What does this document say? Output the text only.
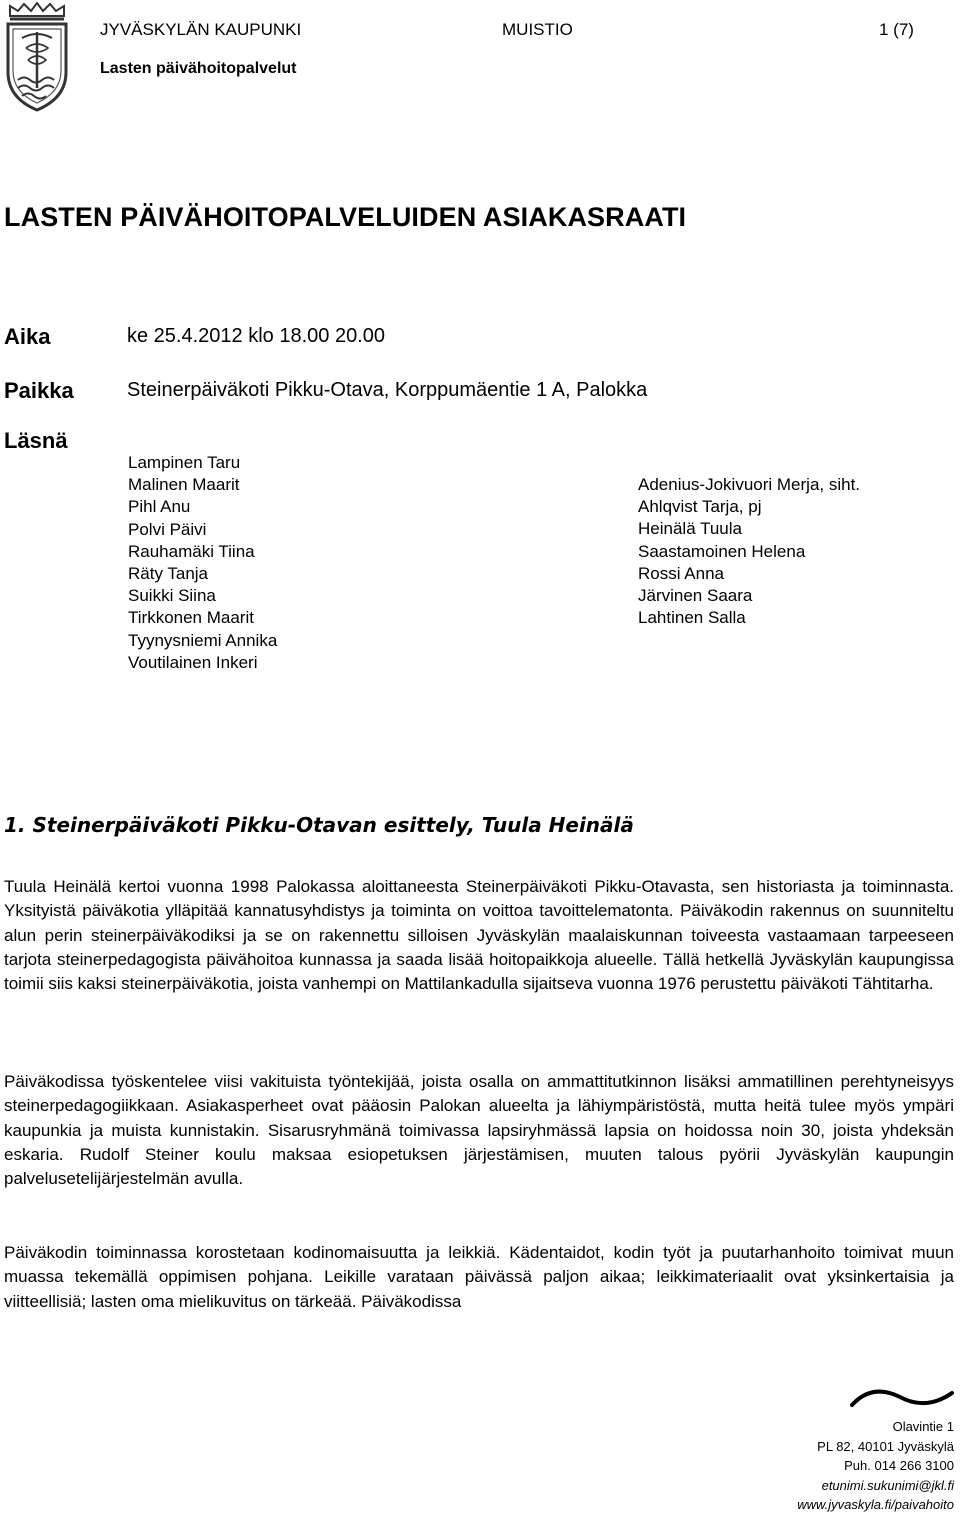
JYVÄSKYLÄN KAUPUNKI	MUISTIO	1 (7)
Lasten päivähoitopalvelut
LASTEN PÄIVÄHOITOPALVELUIDEN ASIAKASRAATI
Aika	ke 25.4.2012 klo 18.00 20.00
Paikka	Steinerpäiväkoti Pikku-Otava, Korppumäentie 1 A, Palokka
Läsnä
Lampinen Taru
Malinen Maarit
Pihl Anu
Polvi Päivi
Rauhamäki Tiina
Räty Tanja
Suikki Siina
Tirkkonen Maarit
Tyynysniemi Annika
Voutilainen Inkeri
Adenius-Jokivuori Merja, siht.
Ahlqvist Tarja, pj
Heinälä Tuula
Saastamoinen Helena
Rossi Anna
Järvinen Saara
Lahtinen Salla
1. Steinerpäiväkoti Pikku-Otavan esittely, Tuula Heinälä

Tuula Heinälä kertoi vuonna 1998 Palokassa aloittaneesta Steinerpäiväkoti Pikku-Otavasta, sen historiasta ja toiminnasta. Yksityistä päiväkotia ylläpitää kannatusyhdistys ja toiminta on voittoa tavoittelematonta. Päiväkodin rakennus on suunniteltu alun perin steinerpäiväkodiksi ja se on rakennettu silloisen Jyväskylän maalaiskunnan toiveesta vastaamaan tarpeeseen tarjota steinerpedagogista päivähoitoa kunnassa ja saada lisää hoitopaikkoja alueelle. Tällä hetkellä Jyväskylän kaupungissa toimii siis kaksi steinerpäiväkotia, joista vanhempi on Mattilankadulla sijaitseva vuonna 1976 perustettu päiväkoti Tähtitarha.

Päiväkodissa työskentelee viisi vakituista työntekijää, joista osalla on ammattitutkinnon lisäksi ammatillinen perehtyneisyys steinerpedagogiikkaan. Asiakasperheet ovat pääosin Palokan alueelta ja lähiympäristöstä, mutta heitä tulee myös ympäri kaupunkia ja muista kunnistakin. Sisarusryhmänä toimivassa lapsiryhmässä lapsia on hoidossa noin 30, joista yhdeksän eskaria. Rudolf Steiner koulu maksaa esiopetuksen järjestämisen, muuten talous pyörii Jyväskylän kaupungin palvelusetelijärjestelmän avulla.

Päiväkodin toiminnassa korostetaan kodinomaisuutta ja leikkiä. Kädentaidot, kodin työt ja puutarhanhoito toimivat muun muassa tekemällä oppimisen pohjana. Leikille varataan päivässä paljon aikaa; leikkimateriaalit ovat yksinkertaisia ja viitteellisiä; lasten oma mielikuvitus on tärkeää. Päiväkodissa

Olavintie 1
PL 82, 40101 Jyväskylä
Puh. 014 266 3100
etunimi.sukunimi@jkl.fi
www.jyvaskyla.fi/paivahoito
